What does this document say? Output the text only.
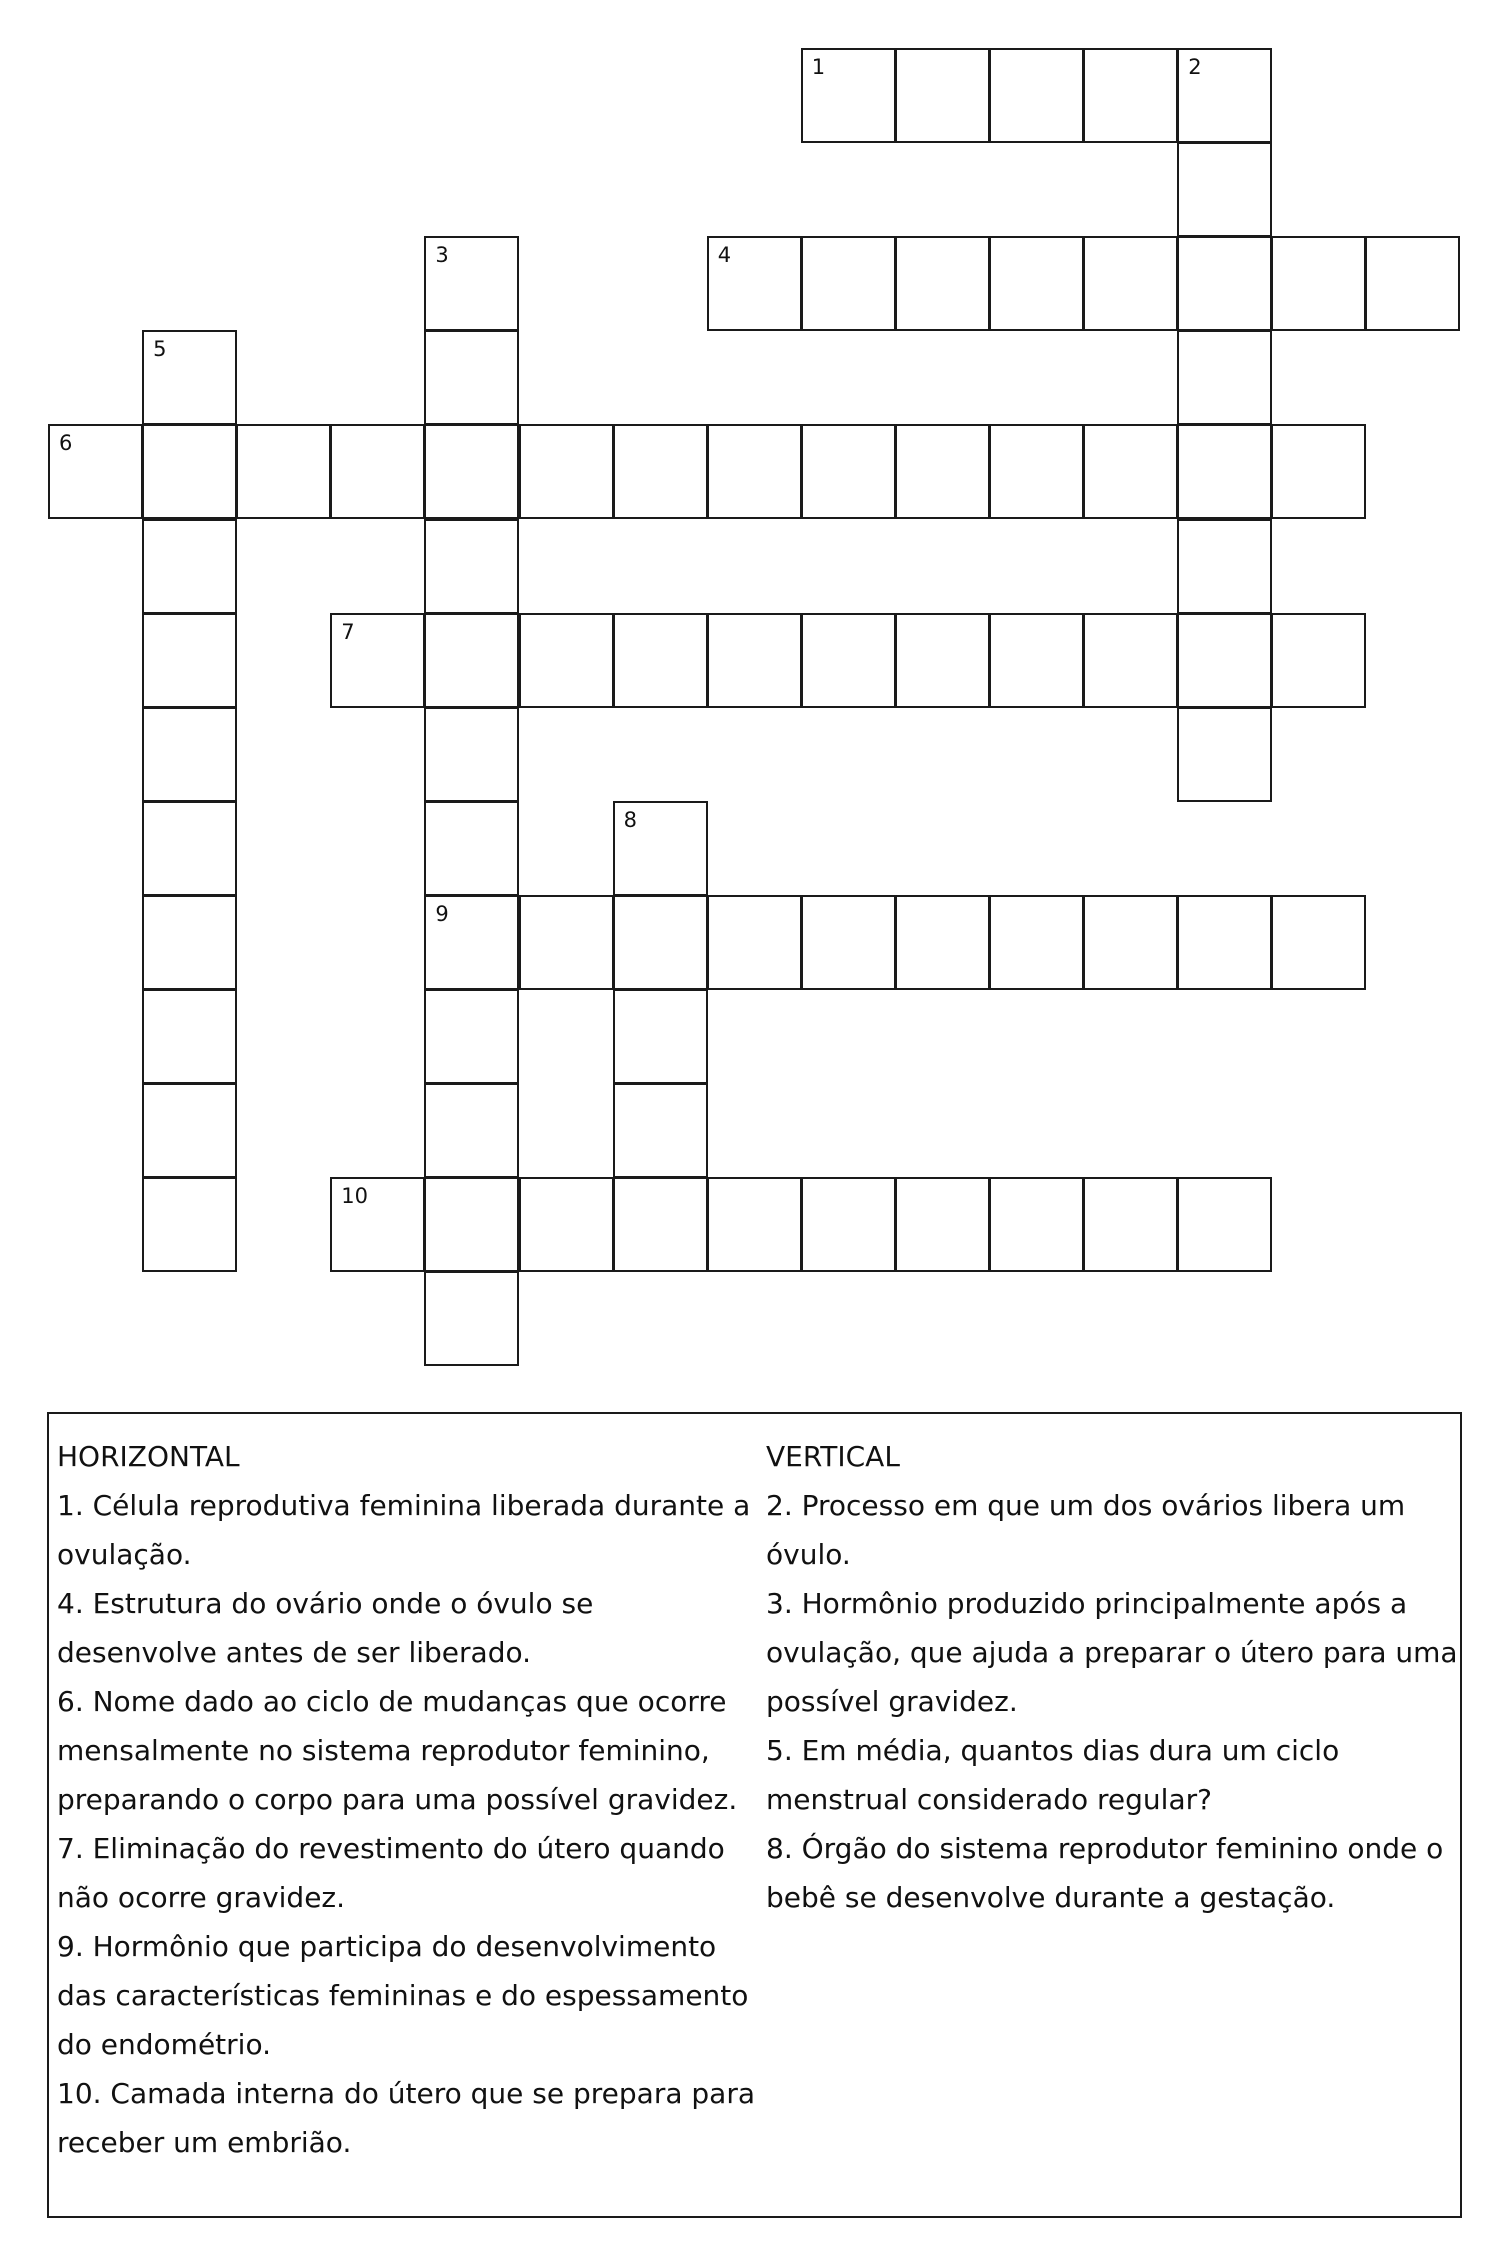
1	2
3
9
4
5
6
7
8
10

HORIZONTAL

1. Célula reprodutiva feminina liberada durante a ovulação.

4. Estrutura do ovário onde o óvulo se desenvolve antes de ser liberado.

6. Nome dado ao ciclo de mudanças que ocorre mensalmente no sistema reprodutor feminino, preparando o corpo para uma possível gravidez.

7. Eliminação do revestimento do útero quando não ocorre gravidez.

9. Hormônio que participa do desenvolvimento das características femininas e do espessamento do endométrio.

10. Camada interna do útero que se prepara para receber um embrião.

VERTICAL

2. Processo em que um dos ovários libera um óvulo.

3. Hormônio produzido principalmente após a ovulação, que ajuda a preparar o útero para uma possível gravidez.

5. Em média, quantos dias dura um ciclo menstrual considerado regular?

8. Órgão do sistema reprodutor feminino onde o bebê se desenvolve durante a gestação.
